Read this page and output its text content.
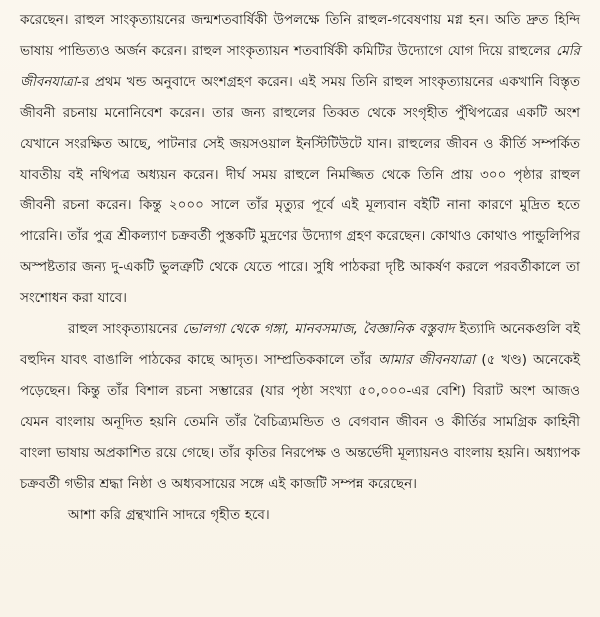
করেছেন। রাহুল সাংকৃত্যায়নের জন্মশতবার্ষিকী উপলক্ষে তিনি রাহুল-গবেষণায় মগ্ন হন। অতি দ্রুত হিন্দি ভাষায় পান্ডিত্যও অর্জন করেন। রাহুল সাংকৃত্যায়ন শতবার্ষিকী কমিটির উদ্যোগে যোগ দিয়ে রাহুলের মেরি জীবনযাত্রা-র প্রথম খন্ড অনুবাদে অংশগ্রহণ করেন। এই সময় তিনি রাহুল সাংকৃত্যায়নের একখানি বিস্তৃত জীবনী রচনায় মনোনিবেশ করেন। তার জন্য রাহুলের তিব্বত থেকে সংগৃহীত পুঁথিপত্রের একটি অংশ যেখানে সংরক্ষিত আছে, পাটনার সেই জয়সওয়াল ইনস্টিটিউটে যান। রাহুলের জীবন ও কীর্তি সম্পর্কিত যাবতীয় বই নথিপত্র অধ্যয়ন করেন। দীর্ঘ সময় রাহুলে নিমজ্জিত থেকে তিনি প্রায় ৩০০ পৃষ্ঠার রাহুল জীবনী রচনা করেন। কিন্তু ২০০০ সালে তাঁর মৃত্যুর পূর্বে এই মূল্যবান বইটি নানা কারণে মুদ্রিত হতে পারেনি। তাঁর পুত্র শ্রীকল্যাণ চক্রবর্তী পুস্তকটি মুদ্রণের উদ্যোগ গ্রহণ করেছেন। কোথাও কোথাও পান্ডুলিপির অস্পষ্টতার জন্য দু-একটি ভুলত্রুটি থেকে যেতে পারে। সুধি পাঠকরা দৃষ্টি আকর্ষণ করলে পরবর্তীকালে তা সংশোধন করা যাবে।

রাহুল সাংকৃত্যায়নের ভোলগা থেকে গঙ্গা, মানবসমাজ, বৈজ্ঞানিক বস্তুবাদ ইত্যাদি অনেকগুলি বই বহুদিন যাবৎ বাঙালি পাঠকের কাছে আদৃত। সাম্প্রতিককালে তাঁর আমার জীবনযাত্রা (৫ খণ্ড) অনেকেই পড়েছেন। কিন্তু তাঁর বিশাল রচনা সম্ভারের (যার পৃষ্ঠা সংখ্যা ৫০,০০০-এর বেশি) বিরাট অংশ আজও যেমন বাংলায় অনূদিত হয়নি তেমনি তাঁর বৈচিত্র্যমন্ডিত ও বেগবান জীবন ও কীর্তির সামগ্রিক কাহিনী বাংলা ভাষায় অপ্রকাশিত রয়ে গেছে। তাঁর কৃতির নিরপেক্ষ ও অন্তর্ভেদী মূল্যায়নও বাংলায় হয়নি। অধ্যাপক চক্রবর্তী গভীর শ্রদ্ধা নিষ্ঠা ও অধ্যবসায়ের সঙ্গে এই কাজটি সম্পন্ন করেছেন।

আশা করি গ্রন্থখানি সাদরে গৃহীত হবে।
